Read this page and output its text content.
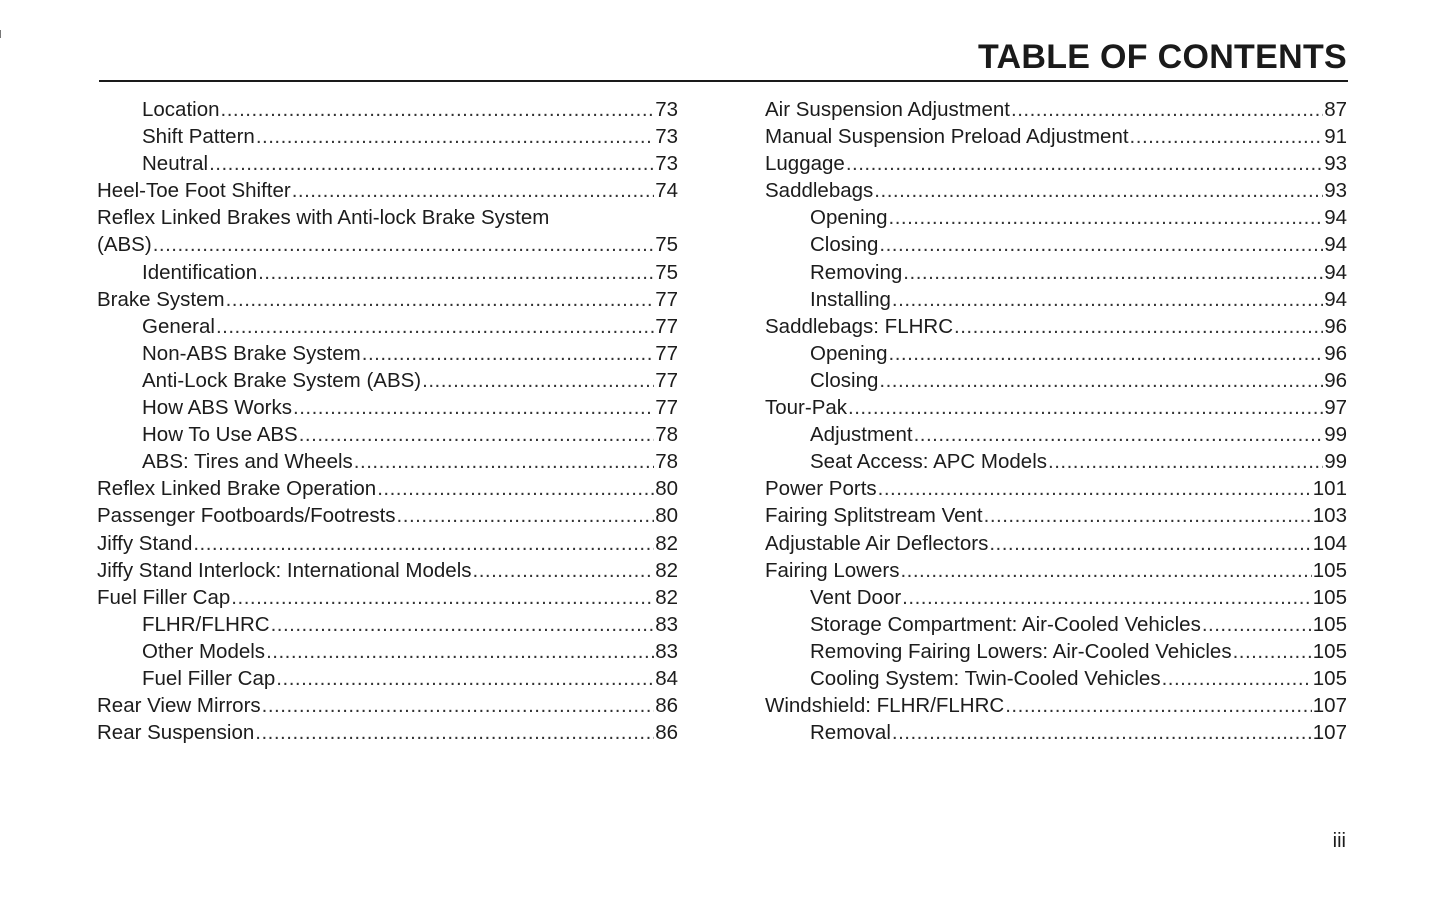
TABLE OF CONTENTS
Location .....	73
Shift Pattern .....	73
Neutral .....	73
Heel-Toe Foot Shifter .....	74
Reflex Linked Brakes with Anti-lock Brake System
(ABS) .....	75
Identification .....	75
Brake System .....	77
General .....	77
Non-ABS Brake System .....	77
Anti-Lock Brake System (ABS) .....	77
How ABS Works .....	77
How To Use ABS .....	78
ABS: Tires and Wheels .....	78
Reflex Linked Brake Operation .....	80
Passenger Footboards/Footrests .....	80
Jiffy Stand .....	82
Jiffy Stand Interlock: International Models .....	82
Fuel Filler Cap .....	82
FLHR/FLHRC .....	83
Other Models .....	83
Fuel Filler Cap .....	84
Rear View Mirrors .....	86
Rear Suspension .....	86
Air Suspension Adjustment .....	87
Manual Suspension Preload Adjustment .....	91
Luggage .....	93
Saddlebags .....	93
Opening .....	94
Closing .....	94
Removing .....	94
Installing .....	94
Saddlebags: FLHRC .....	96
Opening .....	96
Closing .....	96
Tour-Pak .....	97
Adjustment .....	99
Seat Access: APC Models .....	99
Power Ports .....	101
Fairing Splitstream Vent .....	103
Adjustable Air Deflectors .....	104
Fairing Lowers .....	105
Vent Door .....	105
Storage Compartment: Air-Cooled Vehicles .....	105
Removing Fairing Lowers: Air-Cooled Vehicles .....	105
Cooling System: Twin-Cooled Vehicles .....	105
Windshield: FLHR/FLHRC .....	107
Removal .....	107
iii
